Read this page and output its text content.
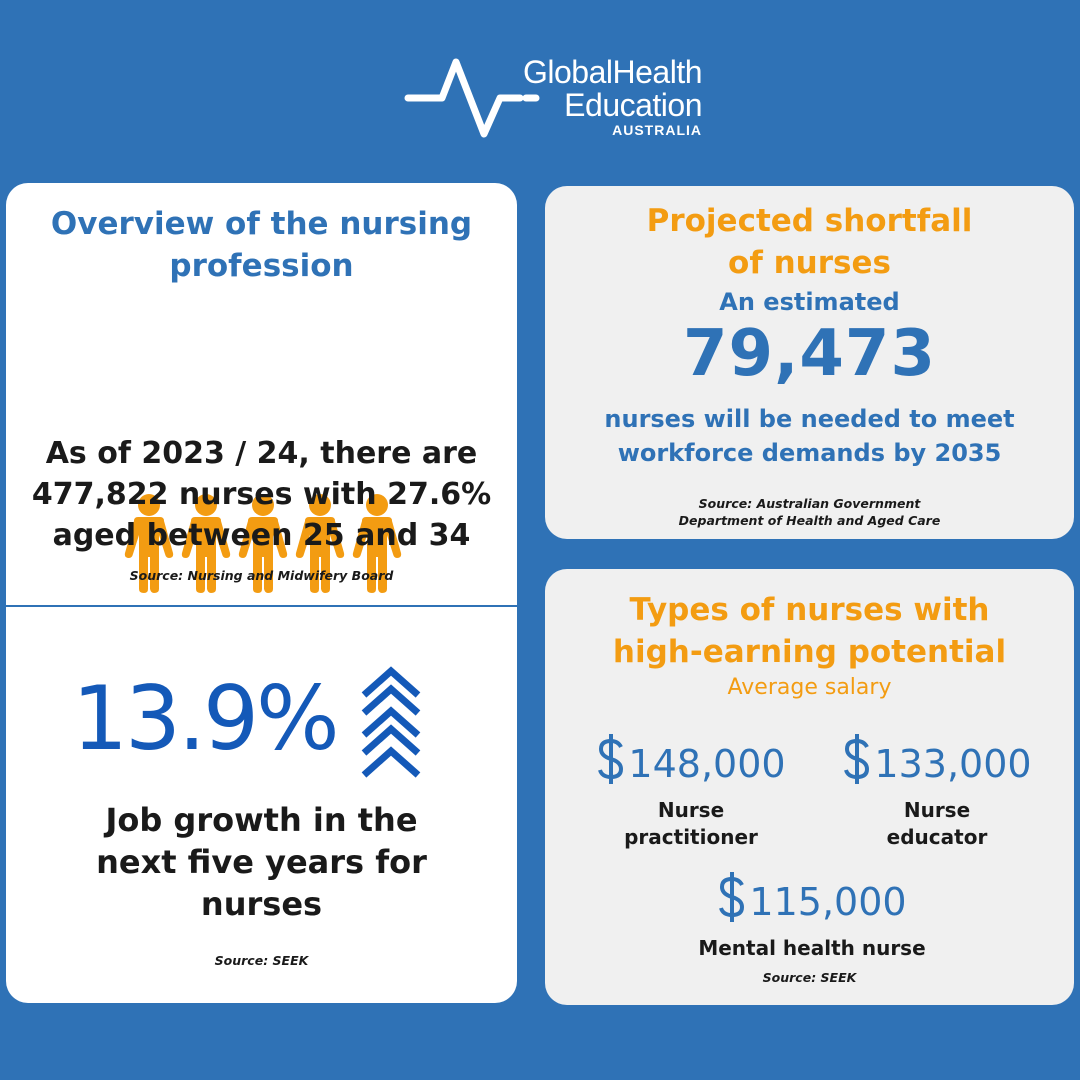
GlobalHealth
Education
AUSTRALIA
Overview of the nursing
profession
As of 2023 / 24, there are
477,822 nurses with 27.6%
aged between 25 and 34
Source: Nursing and Midwifery Board
13.9%
Job growth in the
next five years for
nurses
Source: SEEK
Projected shortfall
of nurses
An estimated
79,473
nurses will be needed to meet
workforce demands by 2035
Source: Australian Government
Department of Health and Aged Care
Types of nurses with
high-earning potential
Average salary
148,000
Nurse
practitioner
133,000
Nurse
educator
115,000
Mental health nurse
Source: SEEK
